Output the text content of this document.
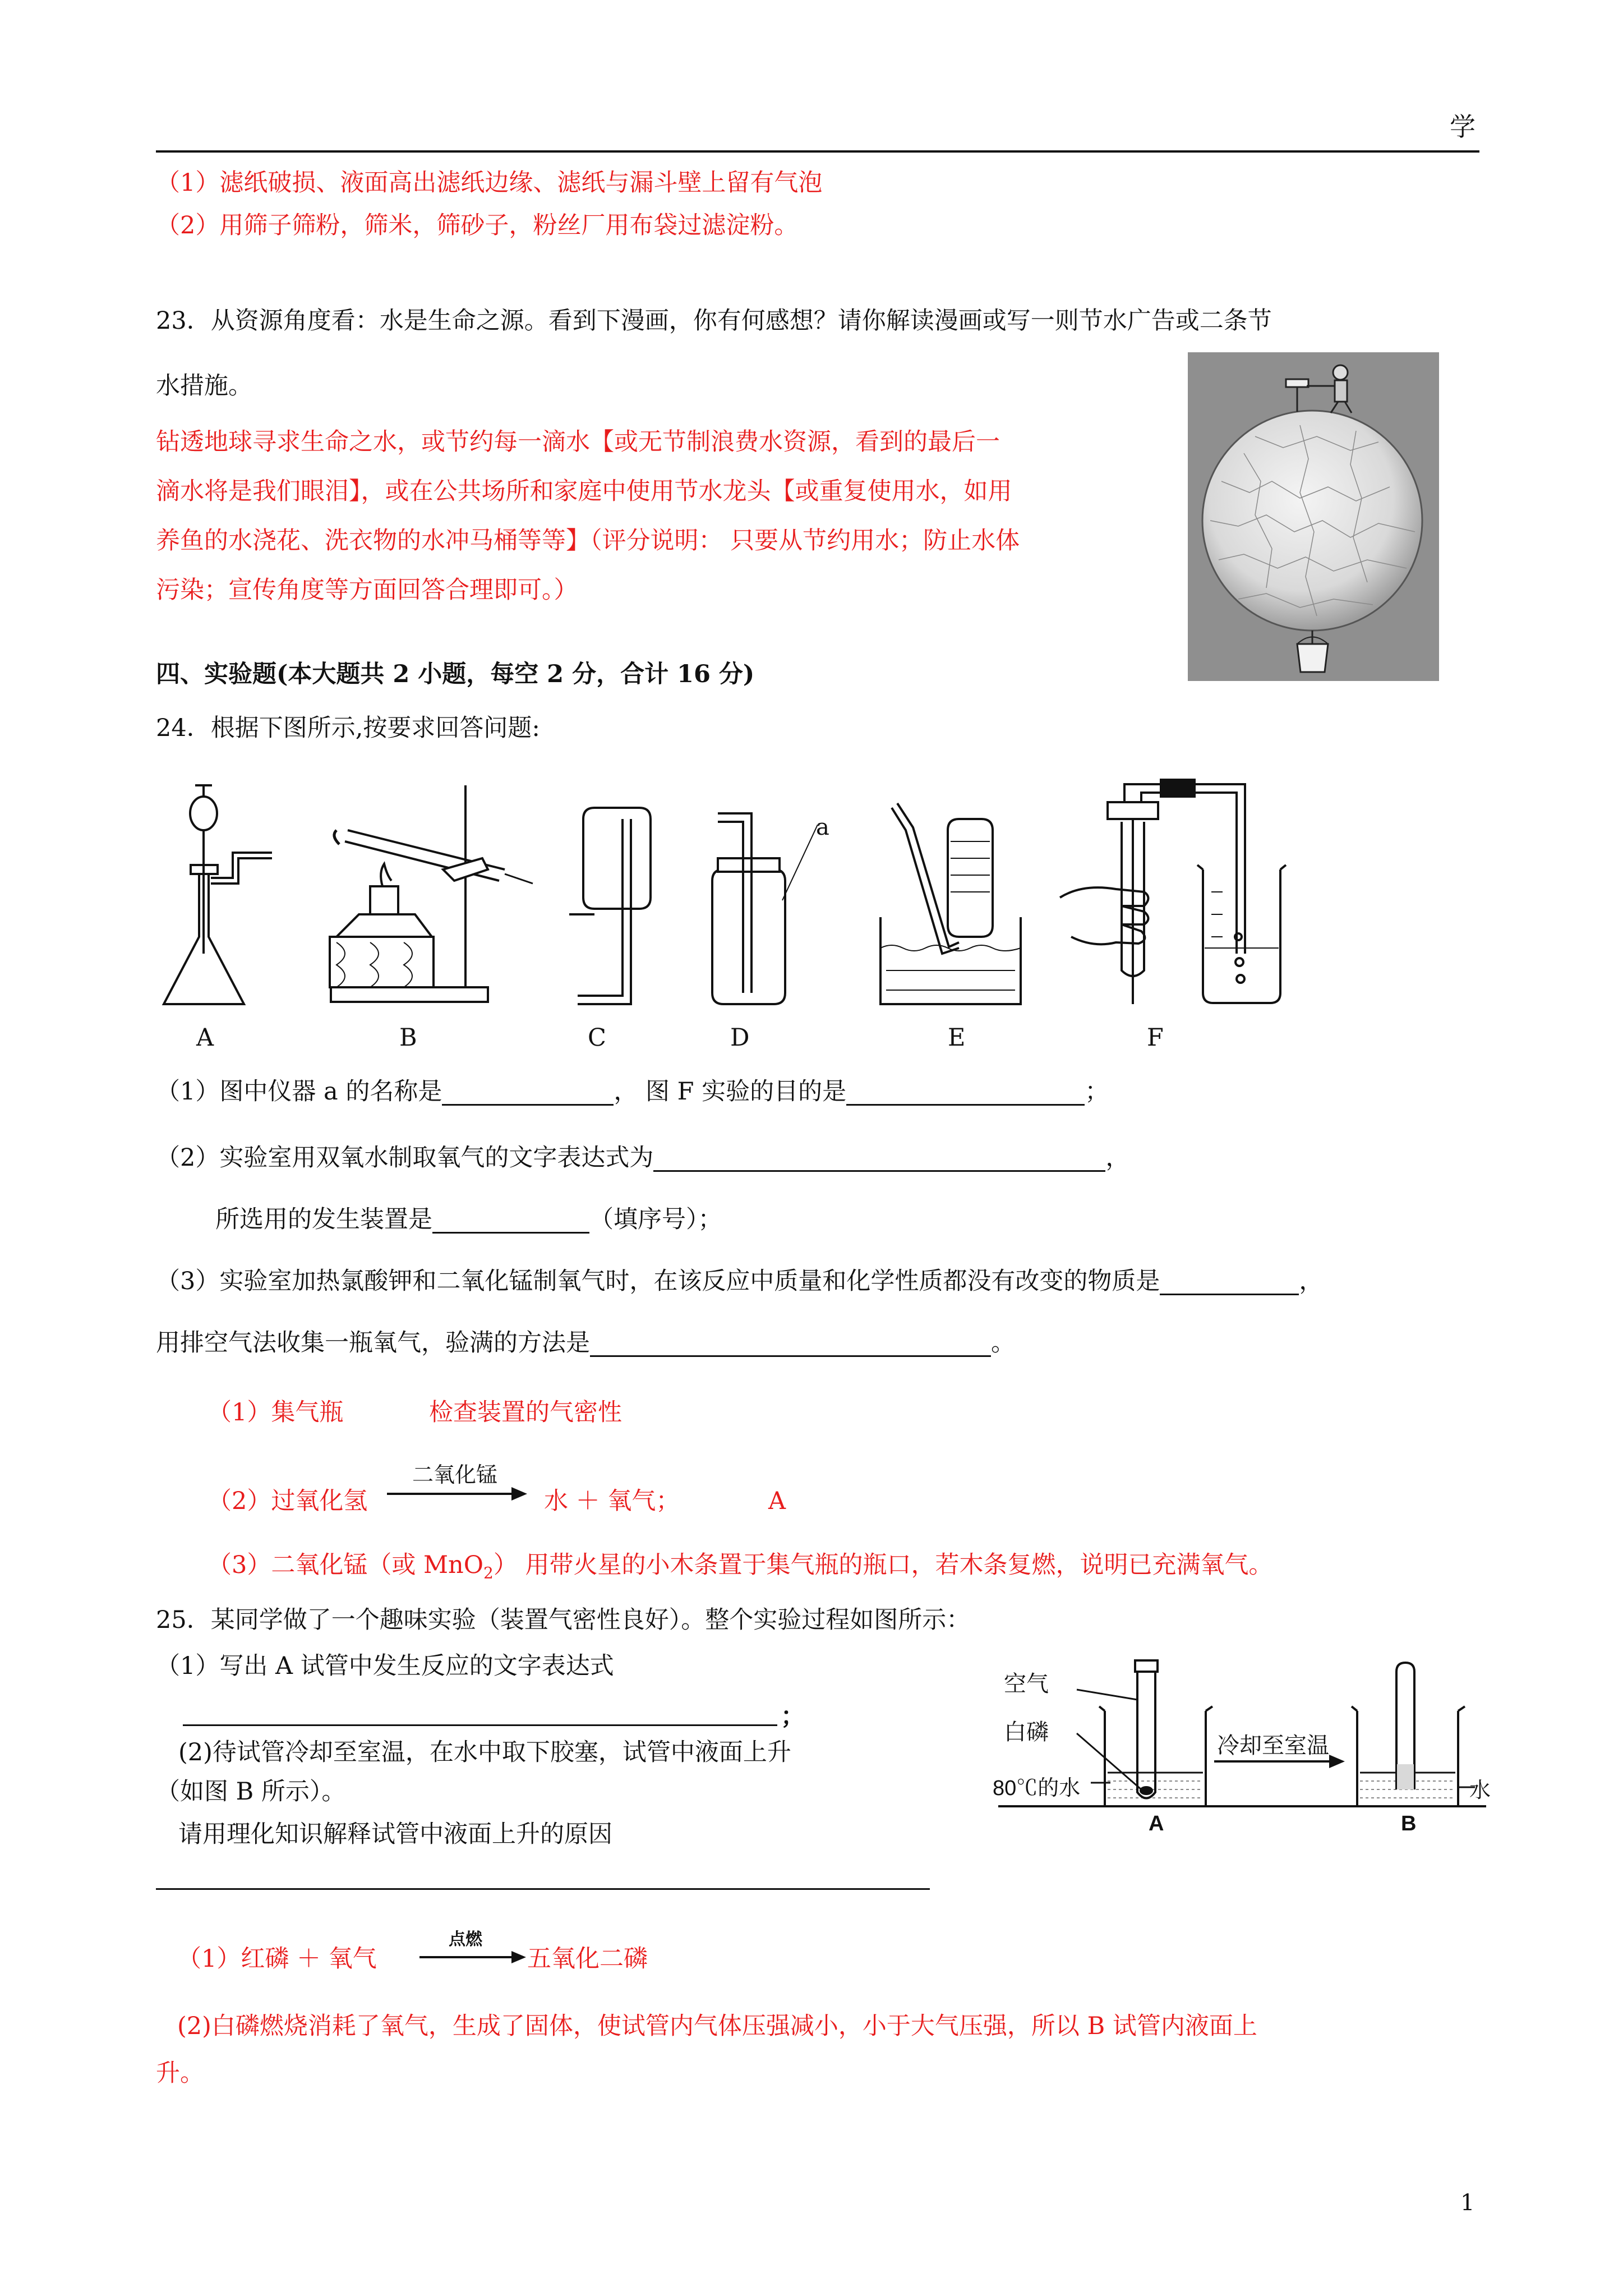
学
（1）滤纸破损、液面高出滤纸边缘、滤纸与漏斗壁上留有气泡
（2）用筛子筛粉，筛米，筛砂子，粉丝厂用布袋过滤淀粉。
23．从资源角度看：水是生命之源。看到下漫画，你有何感想？请你解读漫画或写一则节水广告或二条节
水措施。
钻透地球寻求生命之水，或节约每一滴水【或无节制浪费水资源，看到的最后一
滴水将是我们眼泪】，或在公共场所和家庭中使用节水龙头【或重复使用水，如用
养鱼的水浇花、洗衣物的水冲马桶等等】（评分说明： 只要从节约用水；防止水体
污染；宣传角度等方面回答合理即可。）
四、实验题(本大题共 2 小题，每空 2 分，合计 16 分)
24．根据下图所示,按要求回答问题:
a
A	B	C	D	E	F
（1）图中仪器 a 的名称是	， 图 F 实验的目的是	；
（2）实验室用双氧水制取氧气的文字表达式为	，
所选用的发生装置是	（填序号）；
（3）实验室加热氯酸钾和二氧化锰制氧气时，在该反应中质量和化学性质都没有改变的物质是	，
用排空气法收集一瓶氧气，验满的方法是	。
（1）集气瓶	检查装置的气密性
（2）过氧化氢
二氧化锰
水 ＋ 氧气；	A
（3）二氧化锰（或 MnO$_2$） 用带火星的小木条置于集气瓶的瓶口，若木条复燃，说明已充满氧气。
25．某同学做了一个趣味实验（装置气密性良好）。整个实验过程如图所示：
（1）写出 A 试管中发生反应的文字表达式
；
(2)待试管冷却至室温，在水中取下胶塞，试管中液面上升
（如图 B 所示）。
请用理化知识解释试管中液面上升的原因
空气
白磷
80℃的水
冷却至室温
水
A	B
（1）红磷 ＋ 氧气
点燃
五氧化二磷
(2)白磷燃烧消耗了氧气，生成了固体，使试管内气体压强减小，小于大气压强，所以 B 试管内液面上
升。
1
